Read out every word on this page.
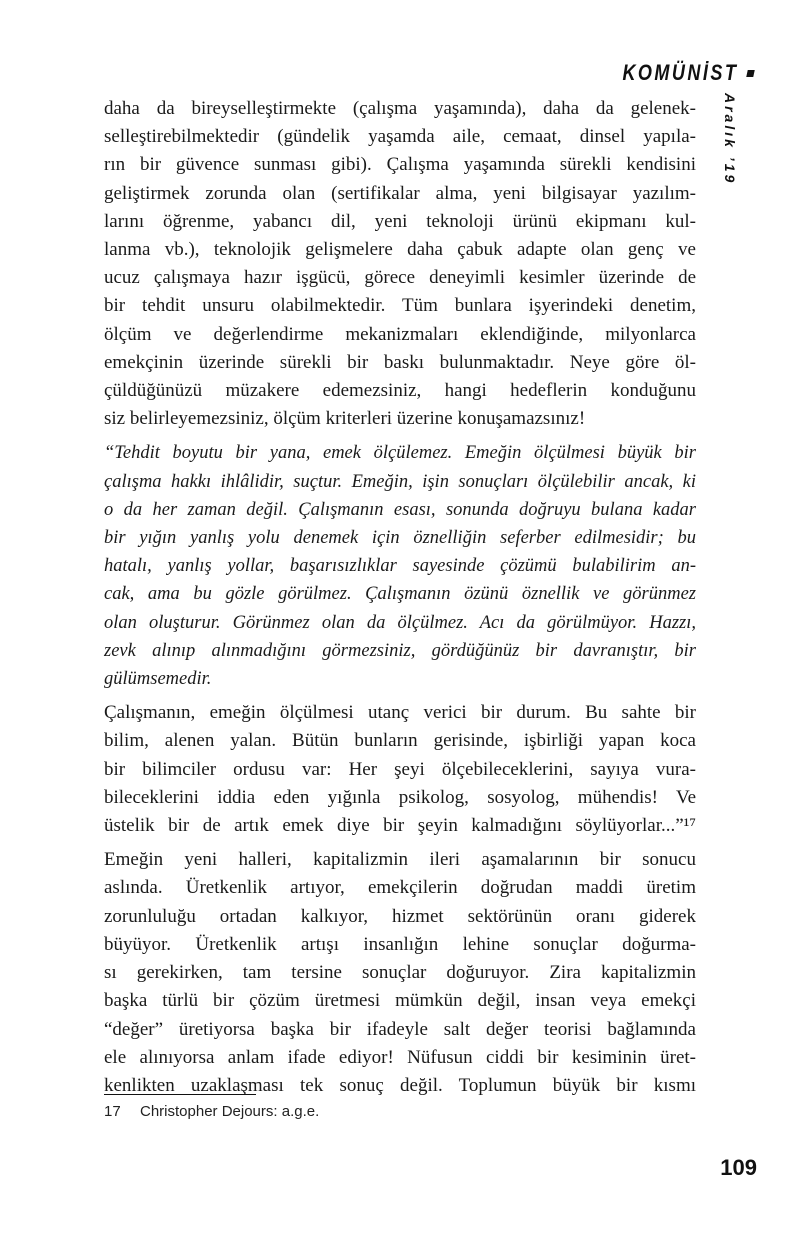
KOMÜNİST
Aralık ’19
daha da bireyselleştirmekte (çalışma yaşamında), daha da gelenek-
selleştirebilmektedir (gündelik yaşamda aile, cemaat, dinsel yapıla-
rın bir güvence sunması gibi). Çalışma yaşamında sürekli kendisini
geliştirmek zorunda olan (sertifikalar alma, yeni bilgisayar yazılım-
larını öğrenme, yabancı dil, yeni teknoloji ürünü ekipmanı kul-
lanma vb.), teknolojik gelişmelere daha çabuk adapte olan genç ve
ucuz çalışmaya hazır işgücü, görece deneyimli kesimler üzerinde de
bir tehdit unsuru olabilmektedir. Tüm bunlara işyerindeki denetim,
ölçüm ve değerlendirme mekanizmaları eklendiğinde, milyonlarca
emekçinin üzerinde sürekli bir baskı bulunmaktadır. Neye göre öl-
çüldüğünüzü müzakere edemezsiniz, hangi hedeflerin konduğunu
siz belirleyemezsiniz, ölçüm kriterleri üzerine konuşamazsınız!
“Tehdit boyutu bir yana, emek ölçülemez. Emeğin ölçülmesi büyük bir
çalışma hakkı ihlâlidir, suçtur. Emeğin, işin sonuçları ölçülebilir ancak, ki
o da her zaman değil. Çalışmanın esası, sonunda doğruyu bulana kadar
bir yığın yanlış yolu denemek için öznelliğin seferber edilmesidir; bu
hatalı, yanlış yollar, başarısızlıklar sayesinde çözümü bulabilirim an-
cak, ama bu gözle görülmez. Çalışmanın özünü öznellik ve görünmez
olan oluşturur. Görünmez olan da ölçülmez. Acı da görülmüyor. Hazzı,
zevk alınıp alınmadığını görmezsiniz, gördüğünüz bir davranıştır, bir
gülümsemedir.
Çalışmanın, emeğin ölçülmesi utanç verici bir durum. Bu sahte bir
bilim, alenen yalan. Bütün bunların gerisinde, işbirliği yapan koca
bir bilimciler ordusu var: Her şeyi ölçebileceklerini, sayıya vura-
bileceklerini iddia eden yığınla psikolog, sosyolog, mühendis! Ve
üstelik bir de artık emek diye bir şeyin kalmadığını söylüyorlar...”¹⁷
Emeğin yeni halleri, kapitalizmin ileri aşamalarının bir sonucu
aslında. Üretkenlik artıyor, emekçilerin doğrudan maddi üretim
zorunluluğu ortadan kalkıyor, hizmet sektörünün oranı giderek
büyüyor. Üretkenlik artışı insanlığın lehine sonuçlar doğurma-
sı gerekirken, tam tersine sonuçlar doğuruyor. Zira kapitalizmin
başka türlü bir çözüm üretmesi mümkün değil, insan veya emekçi
“değer” üretiyorsa başka bir ifadeyle salt değer teorisi bağlamında
ele alınıyorsa anlam ifade ediyor! Nüfusun ciddi bir kesiminin üret-
kenlikten uzaklaşması tek sonuç değil. Toplumun büyük bir kısmı
17	Christopher Dejours: a.g.e.
109
